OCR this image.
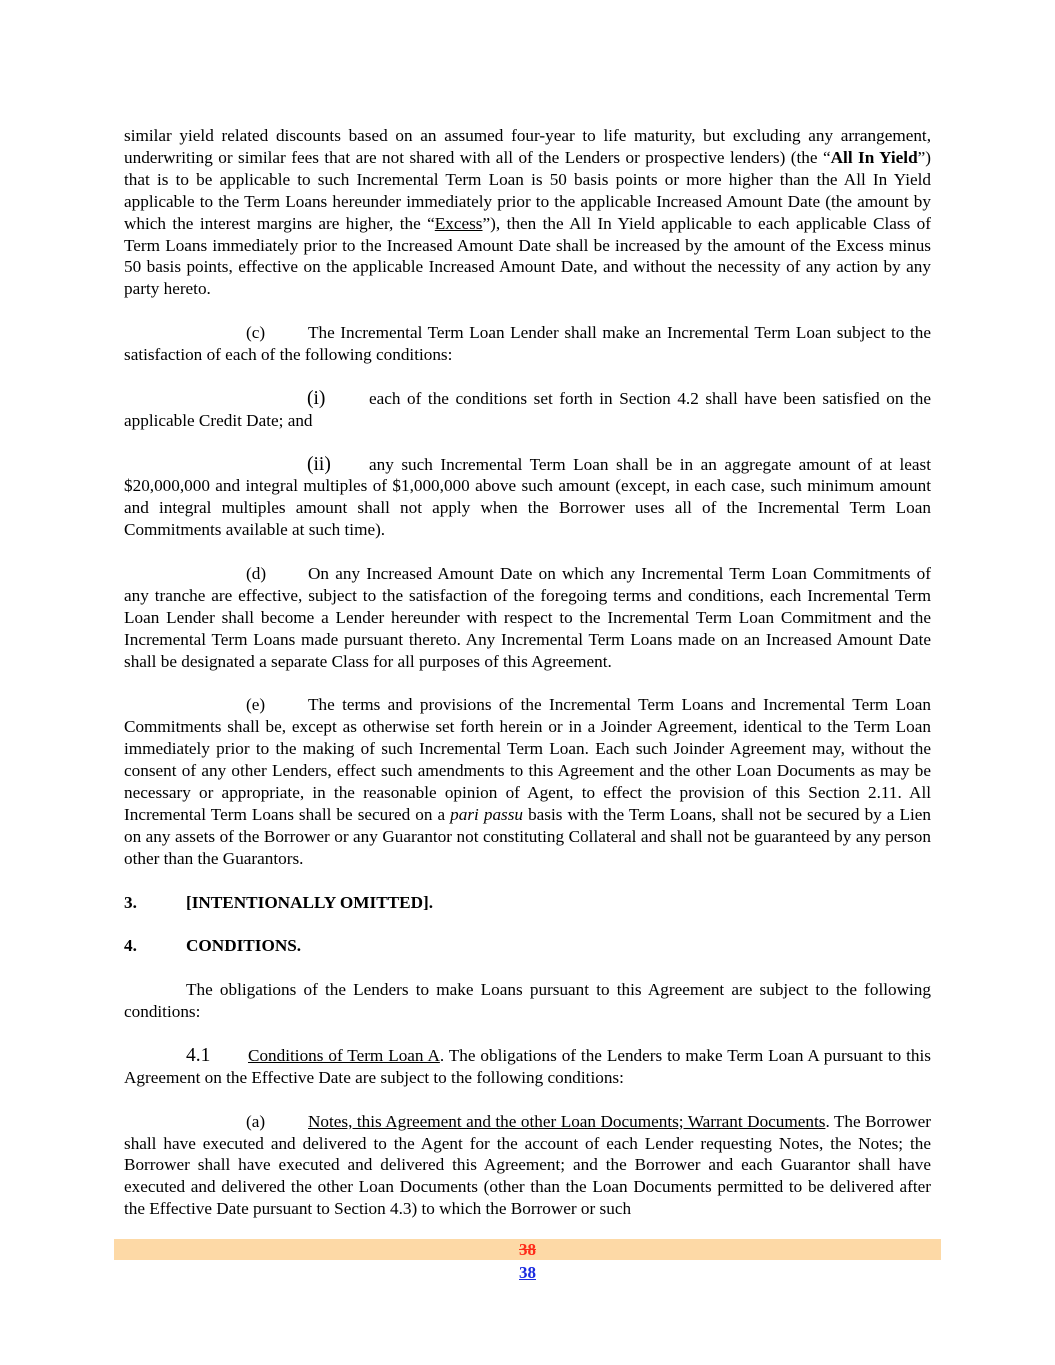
similar yield related discounts based on an assumed four-year to life maturity, but excluding any arrangement, underwriting or similar fees that are not shared with all of the Lenders or prospective lenders) (the “All In Yield”) that is to be applicable to such Incremental Term Loan is 50 basis points or more higher than the All In Yield applicable to the Term Loans hereunder immediately prior to the applicable Increased Amount Date (the amount by which the interest margins are higher, the “Excess”), then the All In Yield applicable to each applicable Class of Term Loans immediately prior to the Increased Amount Date shall be increased by the amount of the Excess minus 50 basis points, effective on the applicable Increased Amount Date, and without the necessity of any action by any party hereto.

(c) The Incremental Term Loan Lender shall make an Incremental Term Loan subject to the satisfaction of each of the following conditions:

(i)	each of the conditions set forth in Section 4.2 shall have been satisfied on the applicable Credit Date; and

(ii) any such Incremental Term Loan shall be in an aggregate amount of at least $20,000,000 and integral multiples of $1,000,000 above such amount (except, in each case, such minimum amount and integral multiples amount shall not apply when the Borrower uses all of the Incremental Term Loan Commitments available at such time).

(d) On any Increased Amount Date on which any Incremental Term Loan Commitments of any tranche are effective, subject to the satisfaction of the foregoing terms and conditions, each Incremental Term Loan Lender shall become a Lender hereunder with respect to the Incremental Term Loan Commitment and the Incremental Term Loans made pursuant thereto. Any Incremental Term Loans made on an Increased Amount Date shall be designated a separate Class for all purposes of this Agreement.

(e) The terms and provisions of the Incremental Term Loans and Incremental Term Loan Commitments shall be, except as otherwise set forth herein or in a Joinder Agreement, identical to the Term Loan immediately prior to the making of such Incremental Term Loan. Each such Joinder Agreement may, without the consent of any other Lenders, effect such amendments to this Agreement and the other Loan Documents as may be necessary or appropriate, in the reasonable opinion of Agent, to effect the provision of this Section 2.11. All Incremental Term Loans shall be secured on a pari passu basis with the Term Loans, shall not be secured by a Lien on any assets of the Borrower or any Guarantor not constituting Collateral and shall not be guaranteed by any person other than the Guarantors.

3.	[INTENTIONALLY OMITTED].

4.	CONDITIONS.

The obligations of the Lenders to make Loans pursuant to this Agreement are subject to the following conditions:

4.1 Conditions of Term Loan A. The obligations of the Lenders to make Term Loan A pursuant to this Agreement on the Effective Date are subject to the following conditions:

(a) Notes, this Agreement and the other Loan Documents; Warrant Documents. The Borrower shall have executed and delivered to the Agent for the account of each Lender requesting Notes, the Notes; the Borrower shall have executed and delivered this Agreement; and the Borrower and each Guarantor shall have executed and delivered the other Loan Documents (other than the Loan Documents permitted to be delivered after the Effective Date pursuant to Section 4.3) to which the Borrower or such

38
38
